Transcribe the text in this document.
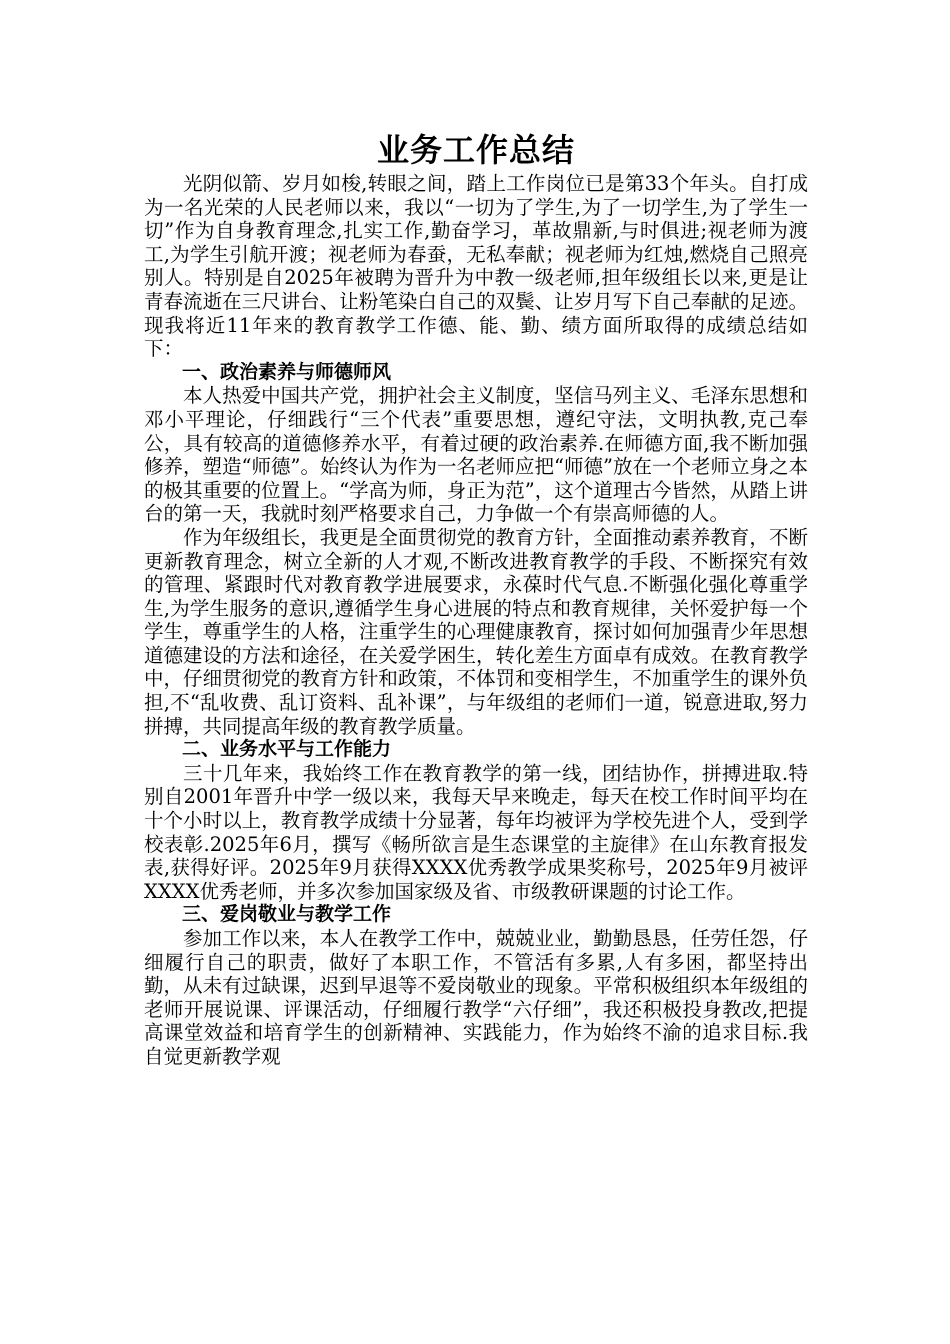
业务工作总结

光阴似箭、岁月如梭,转眼之间，踏上工作岗位已是第33个年头。自打成为一名光荣的人民老师以来，我以“一切为了学生,为了一切学生,为了学生一切”作为自身教育理念,扎实工作,勤奋学习，革故鼎新,与时俱进;视老师为渡工,为学生引航开渡；视老师为春蚕，无私奉献；视老师为红烛,燃烧自己照亮别人。特别是自2025年被聘为晋升为中教一级老师,担年级组长以来,更是让青春流逝在三尺讲台、让粉笔染白自己的双鬓、让岁月写下自己奉献的足迹。现我将近11年来的教育教学工作德、能、勤、绩方面所取得的成绩总结如下：

一、政治素养与师德师风

本人热爱中国共产党，拥护社会主义制度，坚信马列主义、毛泽东思想和邓小平理论，仔细践行“三个代表”重要思想，遵纪守法，文明执教,克己奉公，具有较高的道德修养水平，有着过硬的政治素养.在师德方面,我不断加强修养，塑造“师德”。始终认为作为一名老师应把“师德”放在一个老师立身之本的极其重要的位置上。“学高为师，身正为范”，这个道理古今皆然，从踏上讲台的第一天，我就时刻严格要求自己，力争做一个有崇高师德的人。

作为年级组长，我更是全面贯彻党的教育方针，全面推动素养教育，不断更新教育理念，树立全新的人才观,不断改进教育教学的手段、不断探究有效的管理、紧跟时代对教育教学进展要求，永葆时代气息.不断强化强化尊重学生,为学生服务的意识,遵循学生身心进展的特点和教育规律，关怀爱护每一个学生，尊重学生的人格，注重学生的心理健康教育，探讨如何加强青少年思想道德建设的方法和途径，在关爱学困生，转化差生方面卓有成效。在教育教学中，仔细贯彻党的教育方针和政策，不体罚和变相学生，不加重学生的课外负担,不“乱收费、乱订资料、乱补课”，与年级组的老师们一道，锐意进取,努力拼搏，共同提高年级的教育教学质量。

二、业务水平与工作能力

三十几年来，我始终工作在教育教学的第一线，团结协作，拼搏进取.特别自2001年晋升中学一级以来，我每天早来晚走，每天在校工作时间平均在十个小时以上，教育教学成绩十分显著，每年均被评为学校先进个人，受到学校表彰.2025年6月，撰写《畅所欲言是生态课堂的主旋律》在山东教育报发表,获得好评。2025年9月获得XXXX优秀教学成果奖称号，2025年9月被评XXXX优秀老师，并多次参加国家级及省、市级教研课题的讨论工作。

三、爱岗敬业与教学工作

参加工作以来，本人在教学工作中，兢兢业业，勤勤恳恳，任劳任怨，仔细履行自己的职责，做好了本职工作，不管活有多累,人有多困，都坚持出勤，从未有过缺课，迟到早退等不爱岗敬业的现象。平常积极组织本年级组的老师开展说课、评课活动，仔细履行教学“六仔细”，我还积极投身教改,把提高课堂效益和培育学生的创新精神、实践能力，作为始终不渝的追求目标.我自觉更新教学观
